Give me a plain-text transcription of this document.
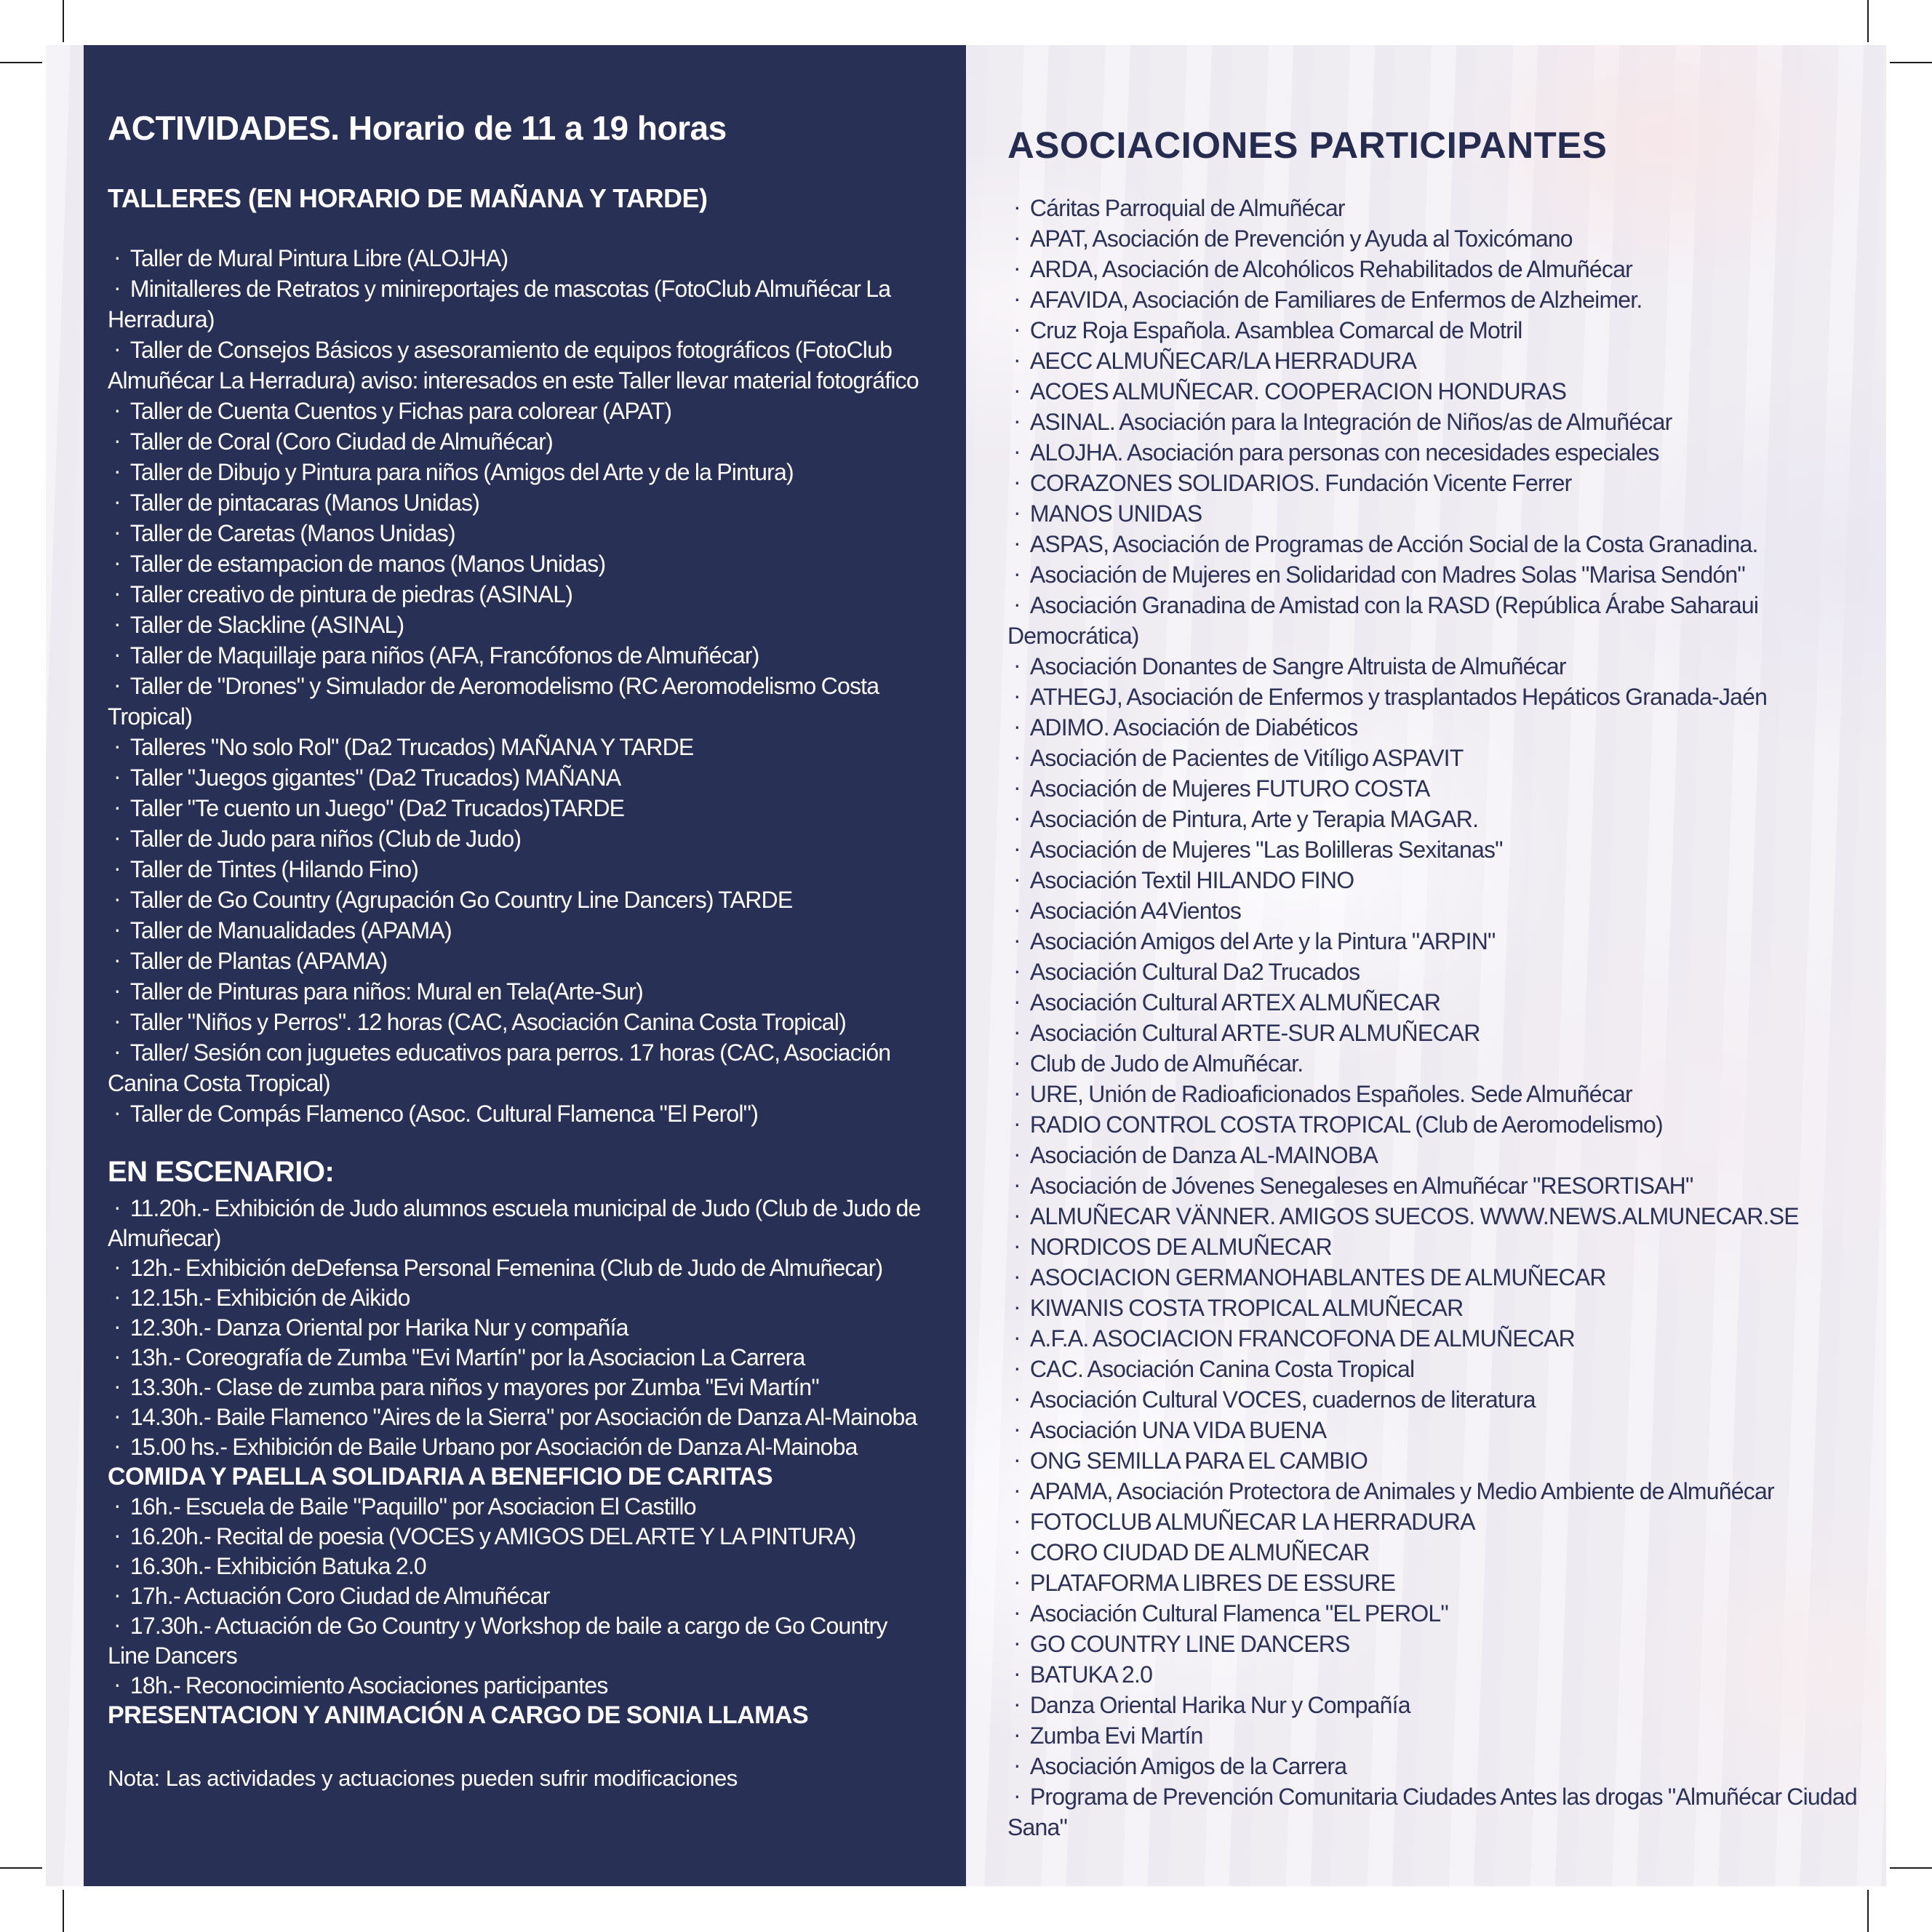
ACTIVIDADES. Horario de 11 a 19 horas
TALLERES (EN HORARIO DE MAÑANA Y TARDE)
· Taller de Mural Pintura Libre (ALOJHA)
· Minitalleres de Retratos y minireportajes de mascotas (FotoClub Almuñécar La Herradura)
· Taller de Consejos Básicos y asesoramiento de equipos fotográficos (FotoClub Almuñécar La Herradura) aviso: interesados en este Taller llevar material fotográfico
· Taller de Cuenta Cuentos y Fichas para colorear (APAT)
· Taller de Coral (Coro Ciudad de Almuñécar)
· Taller de Dibujo y Pintura para niños (Amigos del Arte y de la Pintura)
· Taller de pintacaras (Manos Unidas)
· Taller de Caretas (Manos Unidas)
· Taller de estampacion de manos (Manos Unidas)
· Taller creativo de pintura de piedras (ASINAL)
· Taller de Slackline (ASINAL)
· Taller de Maquillaje para niños (AFA, Francófonos de Almuñécar)
· Taller de "Drones" y Simulador de Aeromodelismo (RC Aeromodelismo Costa Tropical)
· Talleres "No solo Rol" (Da2 Trucados) MAÑANA Y TARDE
· Taller "Juegos gigantes" (Da2 Trucados) MAÑANA
· Taller "Te cuento un Juego" (Da2 Trucados)TARDE
· Taller de Judo para niños (Club de Judo)
· Taller de Tintes (Hilando Fino)
· Taller de Go Country (Agrupación Go Country Line Dancers) TARDE
· Taller de Manualidades (APAMA)
· Taller de Plantas (APAMA)
· Taller de Pinturas para niños: Mural en Tela(Arte-Sur)
· Taller "Niños y Perros". 12 horas (CAC, Asociación Canina Costa Tropical)
· Taller/ Sesión con juguetes educativos para perros. 17 horas (CAC, Asociación Canina Costa Tropical)
· Taller de Compás Flamenco (Asoc. Cultural Flamenca "El Perol")
EN ESCENARIO:
· 11.20h.- Exhibición de Judo alumnos escuela municipal de Judo (Club de Judo de Almuñecar)
· 12h.- Exhibición deDefensa Personal Femenina (Club de Judo de Almuñecar)
· 12.15h.- Exhibición de Aikido
· 12.30h.- Danza Oriental por Harika Nur y compañía
· 13h.- Coreografía de Zumba "Evi Martín" por la Asociacion La Carrera
· 13.30h.- Clase de zumba para niños y mayores por Zumba "Evi Martín"
· 14.30h.- Baile Flamenco "Aires de la Sierra" por Asociación de Danza Al-Mainoba
· 15.00 hs.- Exhibición de Baile Urbano por Asociación de Danza Al-Mainoba
COMIDA Y PAELLA SOLIDARIA A BENEFICIO DE CARITAS
· 16h.- Escuela de Baile "Paquillo" por Asociacion El Castillo
· 16.20h.- Recital de poesia (VOCES y AMIGOS DEL ARTE Y LA PINTURA)
· 16.30h.- Exhibición Batuka 2.0
· 17h.- Actuación Coro Ciudad de Almuñécar
· 17.30h.- Actuación de Go Country y Workshop de baile a cargo de Go Country Line Dancers
· 18h.- Reconocimiento Asociaciones participantes
PRESENTACION Y ANIMACIÓN A CARGO DE SONIA LLAMAS

Nota: Las actividades y actuaciones pueden sufrir modificaciones

ASOCIACIONES PARTICIPANTES
· Cáritas Parroquial de Almuñécar
· APAT, Asociación de Prevención y Ayuda al Toxicómano
· ARDA, Asociación de Alcohólicos Rehabilitados de Almuñécar
· AFAVIDA, Asociación de Familiares de Enfermos de Alzheimer.
· Cruz Roja Española. Asamblea Comarcal de Motril
· AECC ALMUÑECAR/LA HERRADURA
· ACOES ALMUÑECAR. COOPERACION HONDURAS
· ASINAL. Asociación para la Integración de Niños/as de Almuñécar
· ALOJHA. Asociación para personas con necesidades especiales
· CORAZONES SOLIDARIOS. Fundación Vicente Ferrer
· MANOS UNIDAS
· ASPAS, Asociación de Programas de Acción Social de la Costa Granadina.
· Asociación de Mujeres en Solidaridad con Madres Solas "Marisa Sendón"
· Asociación Granadina de Amistad con la RASD (República Árabe Saharaui Democrática)
· Asociación Donantes de Sangre Altruista de Almuñécar
· ATHEGJ, Asociación de Enfermos y trasplantados Hepáticos Granada-Jaén
· ADIMO. Asociación de Diabéticos
· Asociación de Pacientes de Vitíligo ASPAVIT
· Asociación de Mujeres FUTURO COSTA
· Asociación de Pintura, Arte y Terapia MAGAR.
· Asociación de Mujeres "Las Bolilleras Sexitanas"
· Asociación Textil HILANDO FINO
· Asociación A4Vientos
· Asociación Amigos del Arte y la Pintura "ARPIN"
· Asociación Cultural Da2 Trucados
· Asociación Cultural ARTEX ALMUÑECAR
· Asociación Cultural ARTE-SUR ALMUÑECAR
· Club de Judo de Almuñécar.
· URE, Unión de Radioaficionados Españoles. Sede Almuñécar
· RADIO CONTROL COSTA TROPICAL (Club de Aeromodelismo)
· Asociación de Danza AL-MAINOBA
· Asociación de Jóvenes Senegaleses en Almuñécar "RESORTISAH"
· ALMUÑECAR VÄNNER. AMIGOS SUECOS. WWW.NEWS.ALMUNECAR.SE
· NORDICOS DE ALMUÑECAR
· ASOCIACION GERMANOHABLANTES DE ALMUÑECAR
· KIWANIS COSTA TROPICAL ALMUÑECAR
· A.F.A. ASOCIACION FRANCOFONA DE ALMUÑECAR
· CAC. Asociación Canina Costa Tropical
· Asociación Cultural VOCES, cuadernos de literatura
· Asociación UNA VIDA BUENA
· ONG SEMILLA PARA EL CAMBIO
· APAMA, Asociación Protectora de Animales y Medio Ambiente de Almuñécar
· FOTOCLUB ALMUÑECAR LA HERRADURA
· CORO CIUDAD DE ALMUÑECAR
· PLATAFORMA LIBRES DE ESSURE
· Asociación Cultural Flamenca "EL PEROL"
· GO COUNTRY LINE DANCERS
· BATUKA 2.0
· Danza Oriental Harika Nur y Compañía
· Zumba Evi Martín
· Asociación Amigos de la Carrera
· Programa de Prevención Comunitaria Ciudades Antes las drogas "Almuñécar Ciudad Sana"
